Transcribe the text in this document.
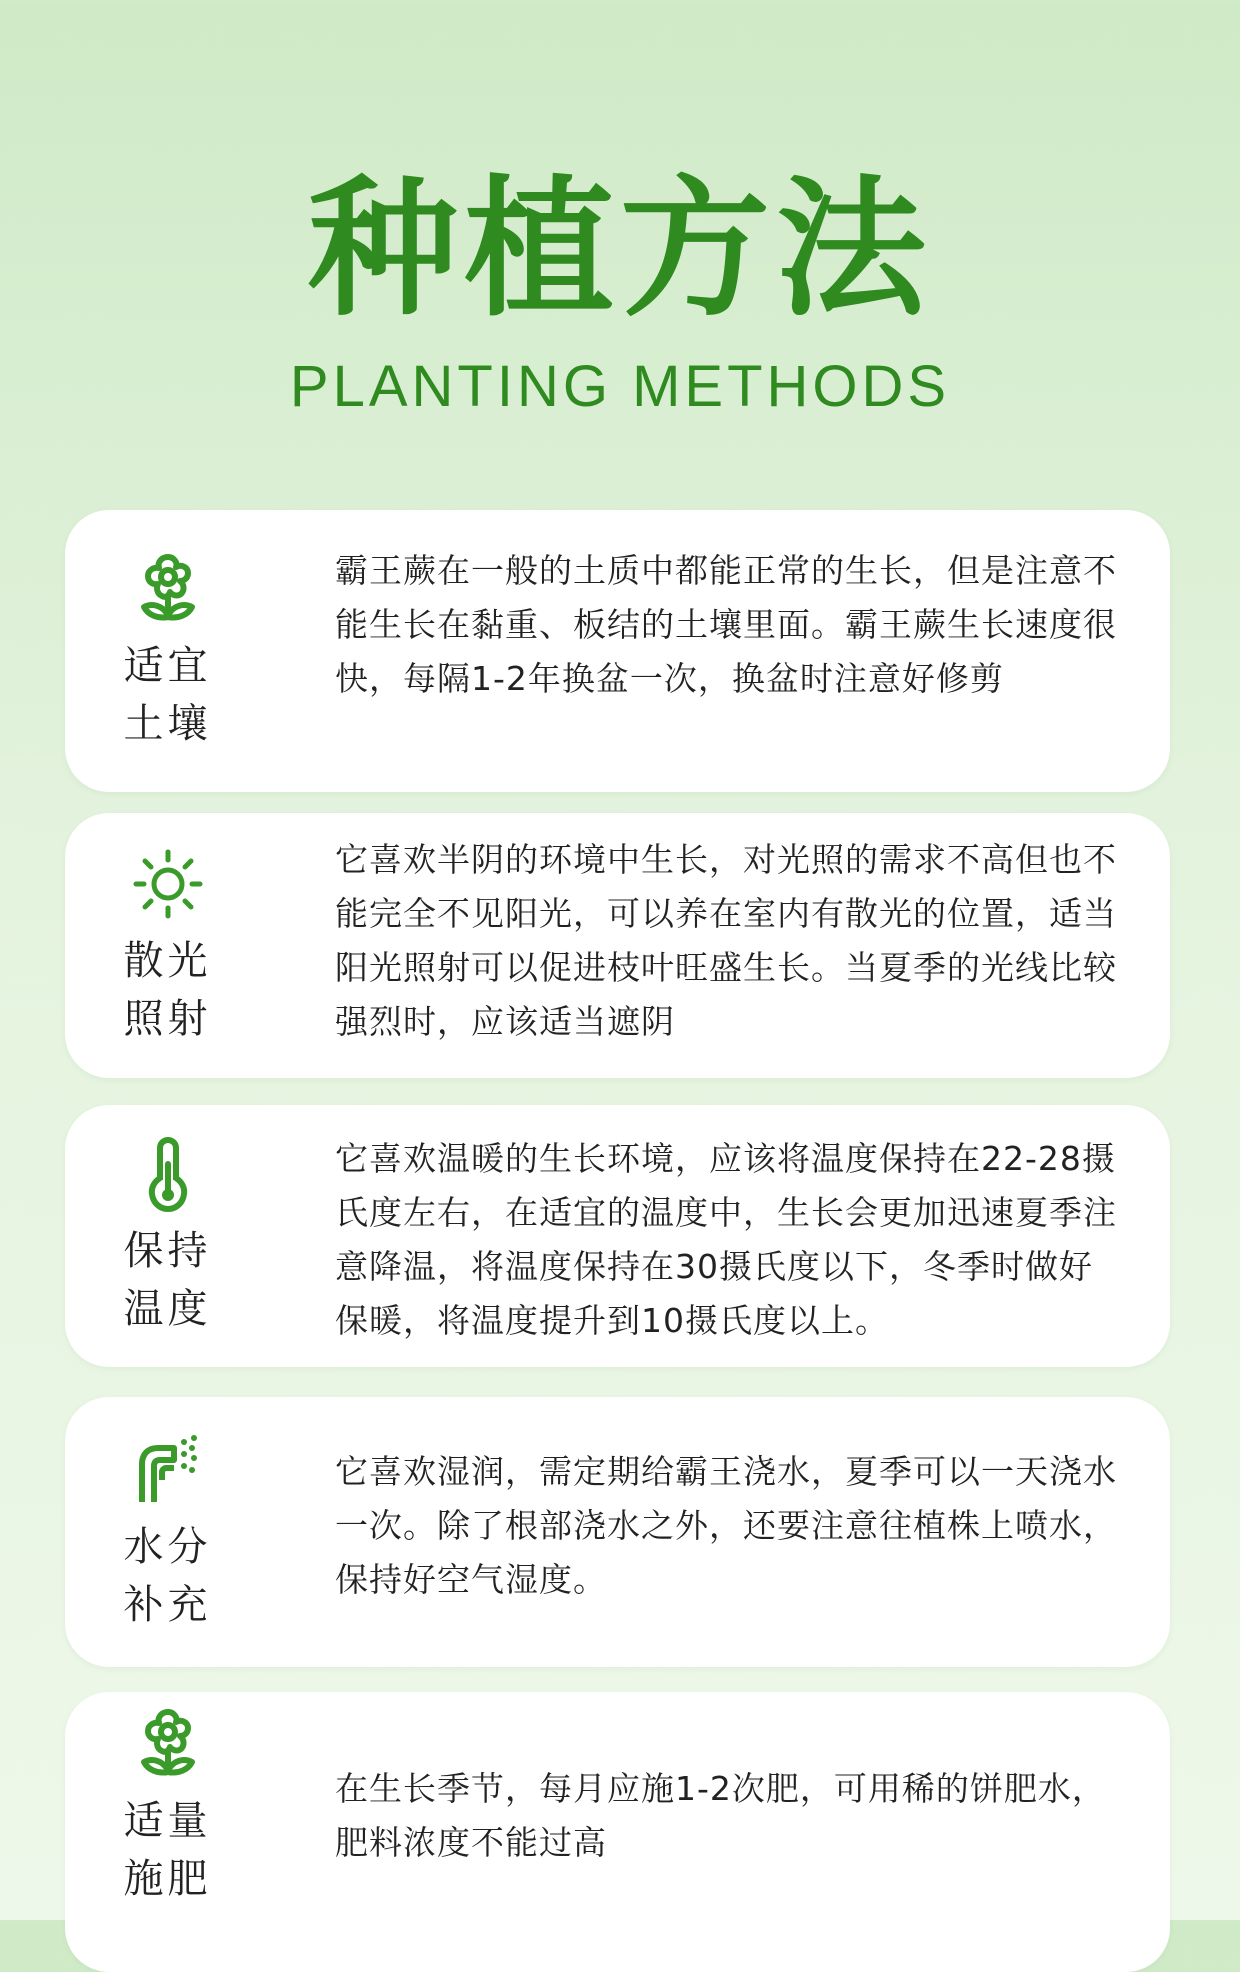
种植方法
PLANTING METHODS
适宜
土壤
霸王蕨在一般的土质中都能正常的生长，但是注意不能生长在黏重、板结的土壤里面。霸王蕨生长速度很快，每隔1-2年换盆一次，换盆时注意好修剪
散光
照射
它喜欢半阴的环境中生长，对光照的需求不高但也不能完全不见阳光，可以养在室内有散光的位置，适当阳光照射可以促进枝叶旺盛生长。当夏季的光线比较强烈时，应该适当遮阴
保持
温度
它喜欢温暖的生长环境，应该将温度保持在22-28摄氏度左右，在适宜的温度中，生长会更加迅速夏季注意降温，将温度保持在30摄氏度以下，冬季时做好保暖，将温度提升到10摄氏度以上。
水分
补充
它喜欢湿润，需定期给霸王浇水，夏季可以一天浇水一次。除了根部浇水之外，还要注意往植株上喷水，保持好空气湿度。
适量
施肥
在生长季节，每月应施1-2次肥，可用稀的饼肥水，肥料浓度不能过高
